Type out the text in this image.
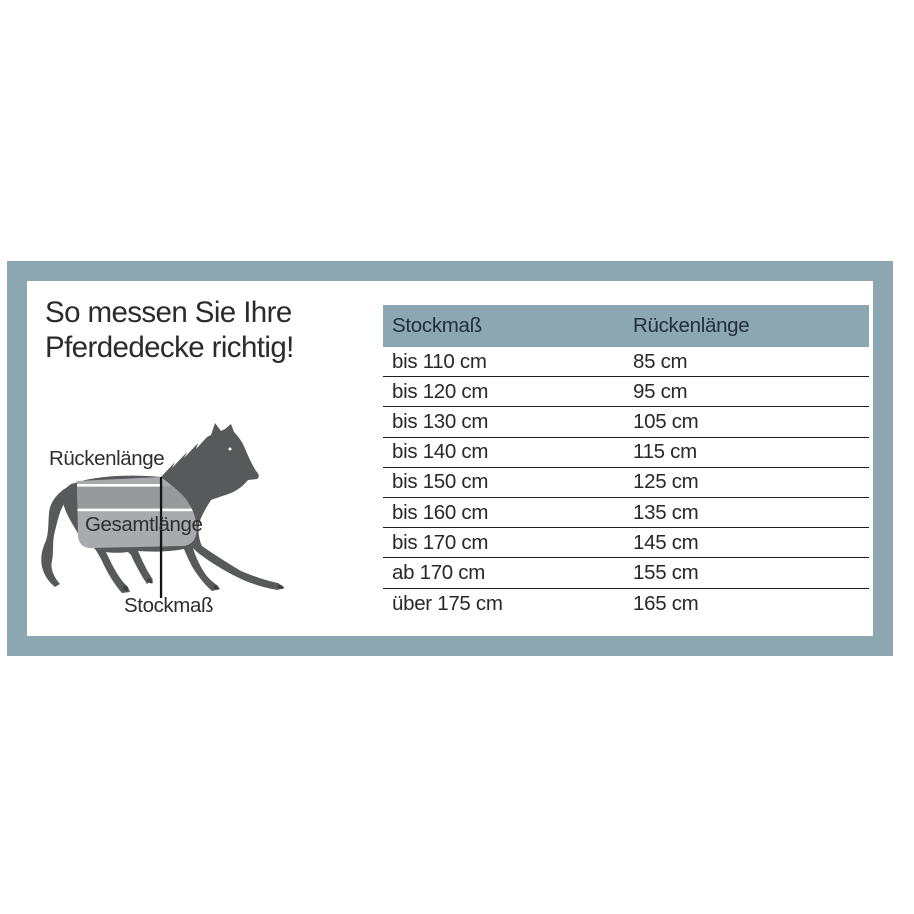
So messen Sie Ihre
Pferdedecke richtig!
Rückenlänge
Gesamtlänge
Stockmaß
Stockmaß	Rückenlänge
bis 110 cm	85 cm
bis 120 cm	95 cm
bis 130 cm	105 cm
bis 140 cm	115 cm
bis 150 cm	125 cm
bis 160 cm	135 cm
bis 170 cm	145 cm
ab 170 cm	155 cm
über 175 cm	165 cm
